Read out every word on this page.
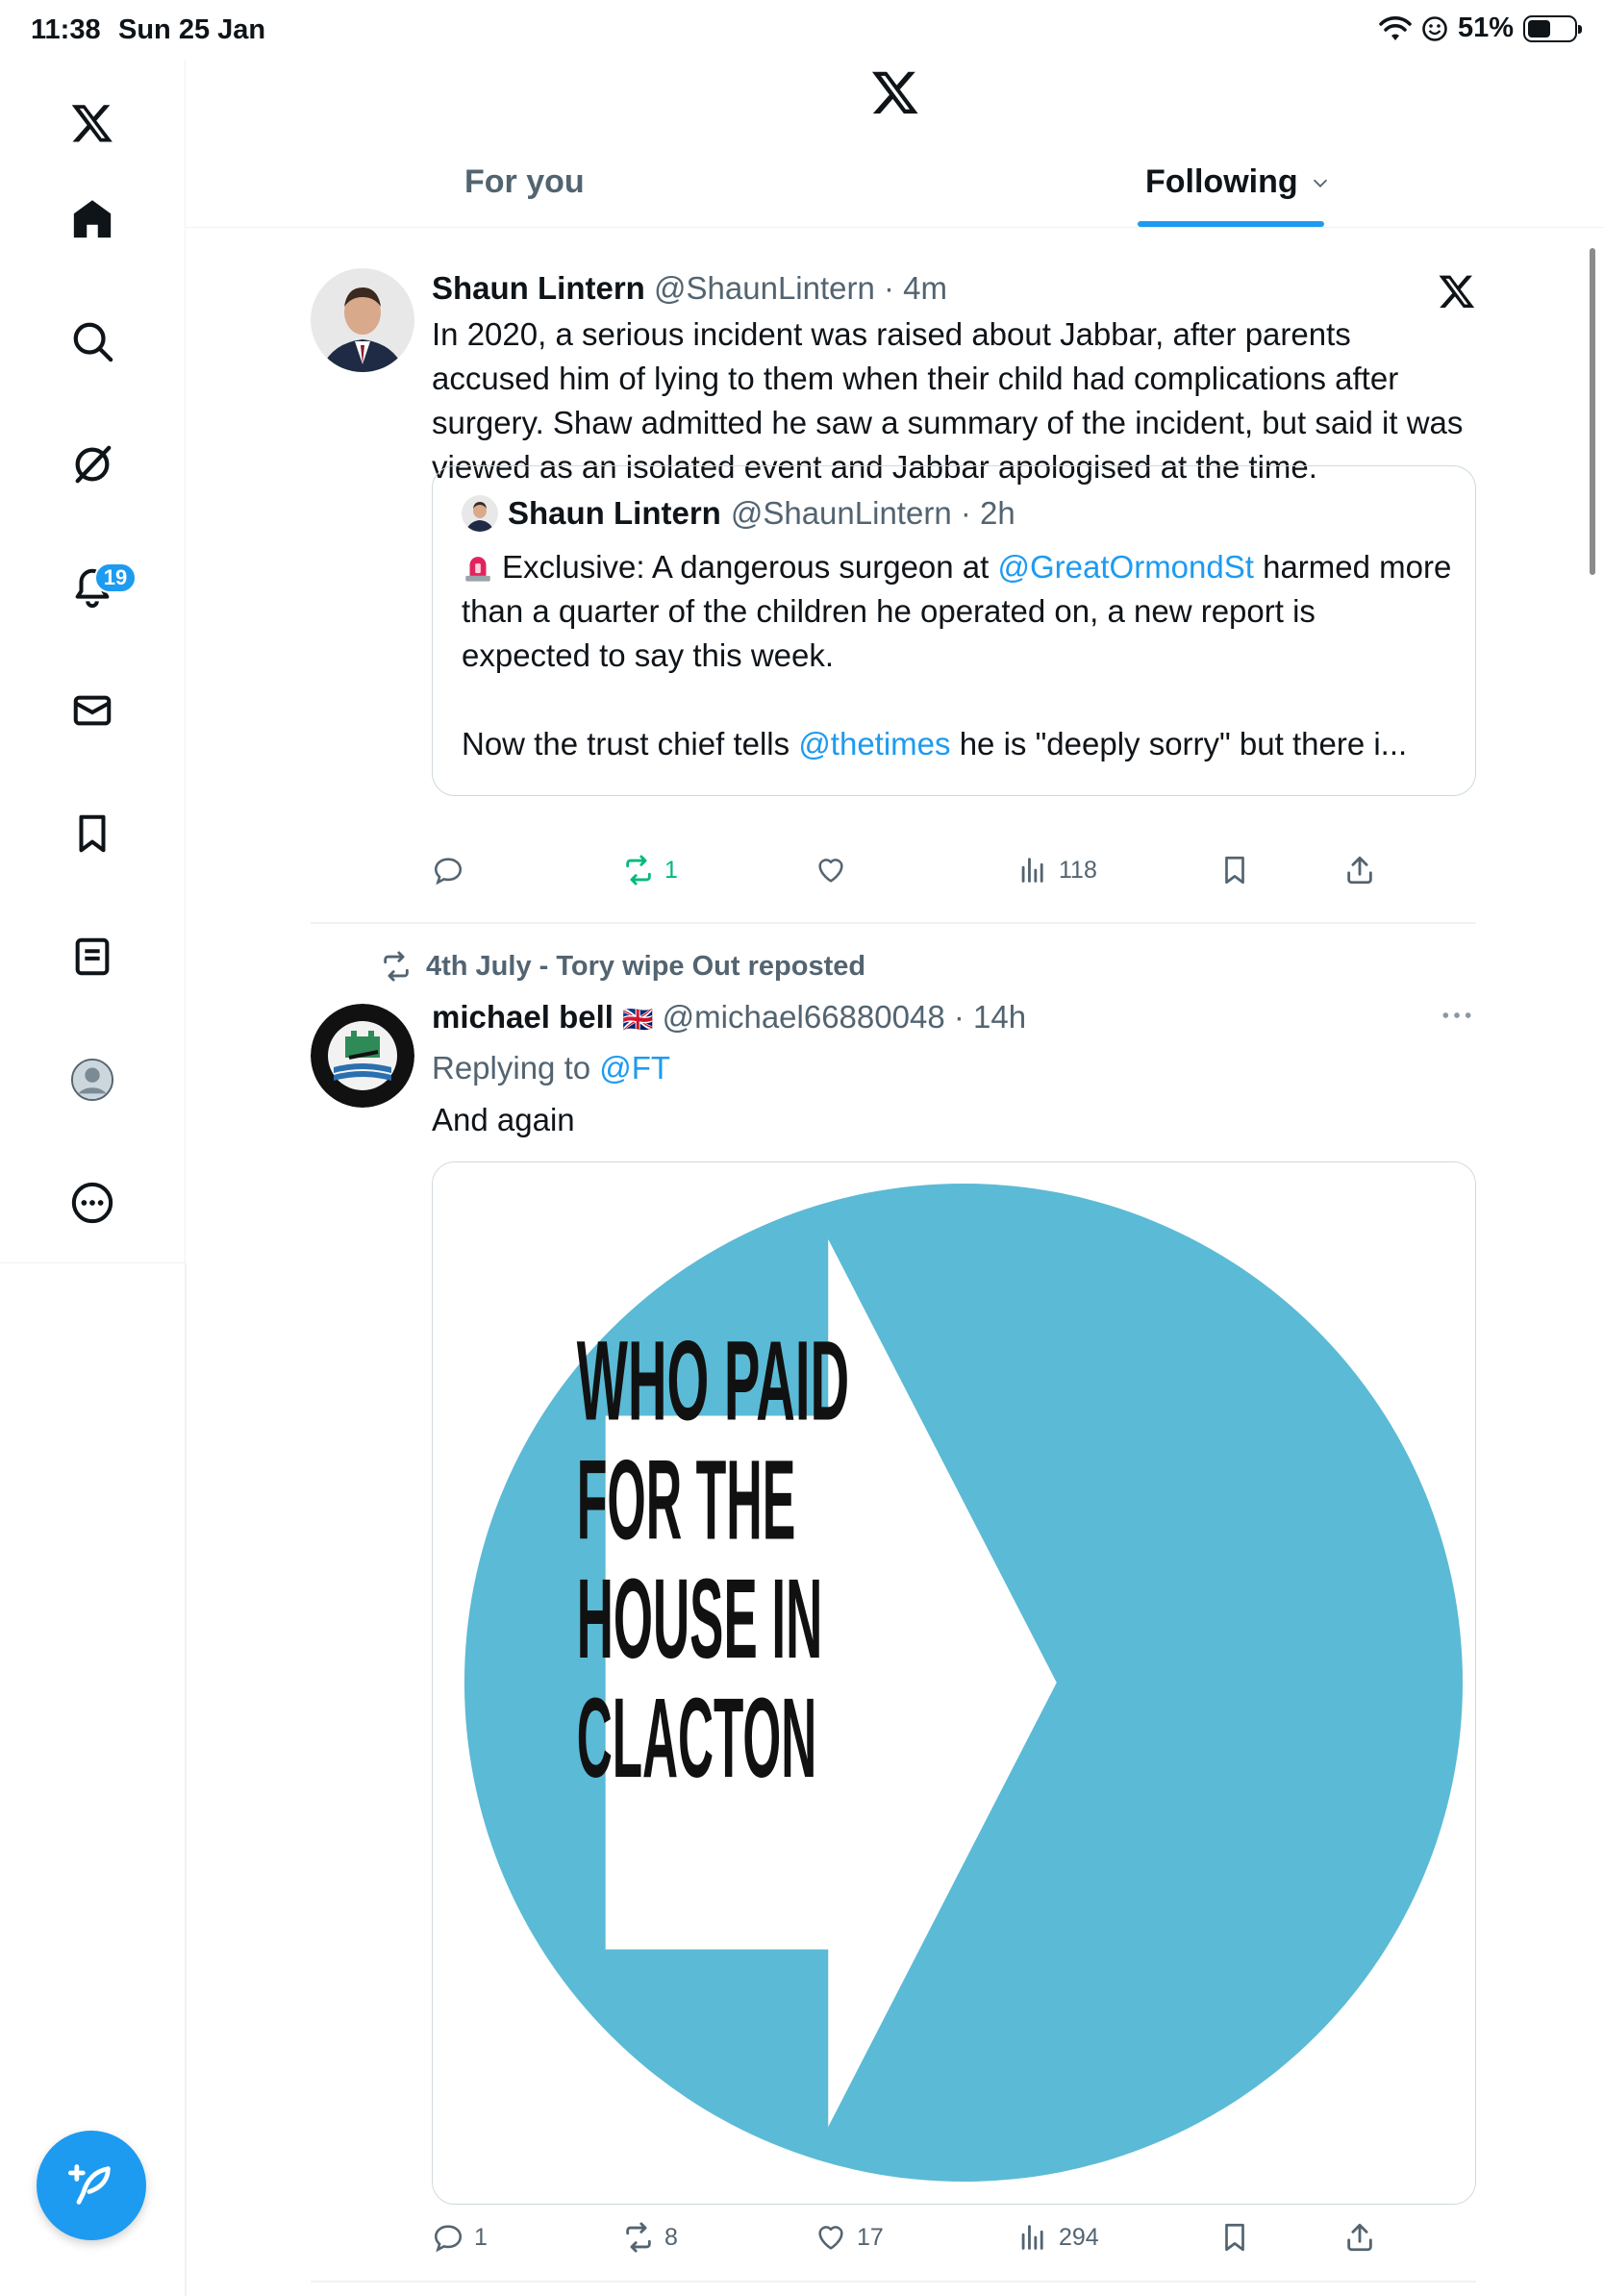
11:38 Sun 25 Jan	51%
19
For you	Following
Shaun Lintern @ShaunLintern · 4m
In 2020, a serious incident was raised about Jabbar, after parents accused him of lying to them when their child had complications after surgery. Shaw admitted he saw a summary of the incident, but said it was viewed as an isolated event and Jabbar apologised at the time.
Shaun Lintern @ShaunLintern · 2h
Exclusive: A dangerous surgeon at @GreatOrmondSt harmed more than a quarter of the children he operated on, a new report is expected to say this week.

Now the trust chief tells @thetimes he is "deeply sorry" but there i...
1	118
4th July - Tory wipe Out reposted
michael bell 🇬🇧 @michael66880048 · 14h
Replying to @FT
And again
WHO PAID
FOR THE
HOUSE IN
CLACTON
1	8	17	294
